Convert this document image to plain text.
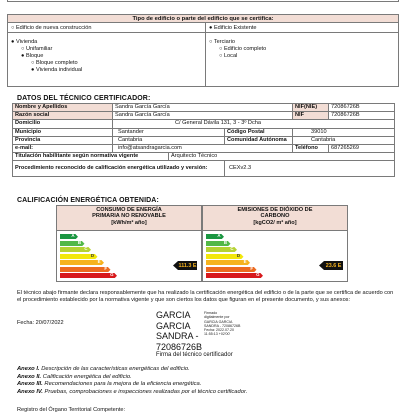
Tipo de edificio o parte del edificio que se certifica:
○ Edificio de nueva construcción	● Edificio Existente
● Vivienda
○ Unifamiliar
● Bloque
○ Bloque completo
● Vivienda individual
○ Terciario
○ Edificio completo
○ Local
DATOS DEL TÉCNICO CERTIFICADOR:
Nombre y Apellidos	Sandra García García			NIF(NIE)	72086726B
Razón social	Sandra García García			NIF	72086726B
Domicilio	C/ General Dávila 131, 3 - 3º Dcha				
Municipio	Santander		Código Postal	39010	
Provincia	Cantabria		Comunidad Autónoma	Cantabria	
e-mail:	info@atsandragarcia.com			Teléfono	687265269
Titulación habilitante según normativa vigente		Arquitecto Técnico			
Procedimiento reconocido de calificación energética utilizado y versión:			CEXv2.3		
CALIFICACIÓN ENERGÉTICA OBTENIDA:
CONSUMO DE ENERGÍA
PRIMARIA NO RENOVABLE
[kWh/m² año]
A
B
C
D
E
F
G
111.3 E
EMISIONES DE DIÓXIDO DE
CARBONO
[kgCO2/ m² año]
A
B
C
D
E
F
G
23.6 E
El técnico abajo firmante declara responsablemente que ha realizado la certificación energética del edificio o de la parte que se certifica de acuerdo con el procedimiento establecido por la normativa vigente y que son ciertos los datos que figuran en el presente documento, y sus anexos:
Fecha: 20/07/2022
GARCIA
GARCIA
SANDRA -
72086726B
Firmado
digitalmente por
GARCIA GARCIA
SANDRA - 72086726B
Fecha: 2022.07.20
11:55:13 +02'00'
Firma del técnico certificador
Anexo I. Descripción de las características energéticas del edificio.
Anexo II. Calificación energética del edificio.
Anexo III. Recomendaciones para la mejora de la eficiencia energética.
Anexo IV. Pruebas, comprobaciones e inspecciones realizadas por el técnico certificador.
Registro del Órgano Territorial Competente:
